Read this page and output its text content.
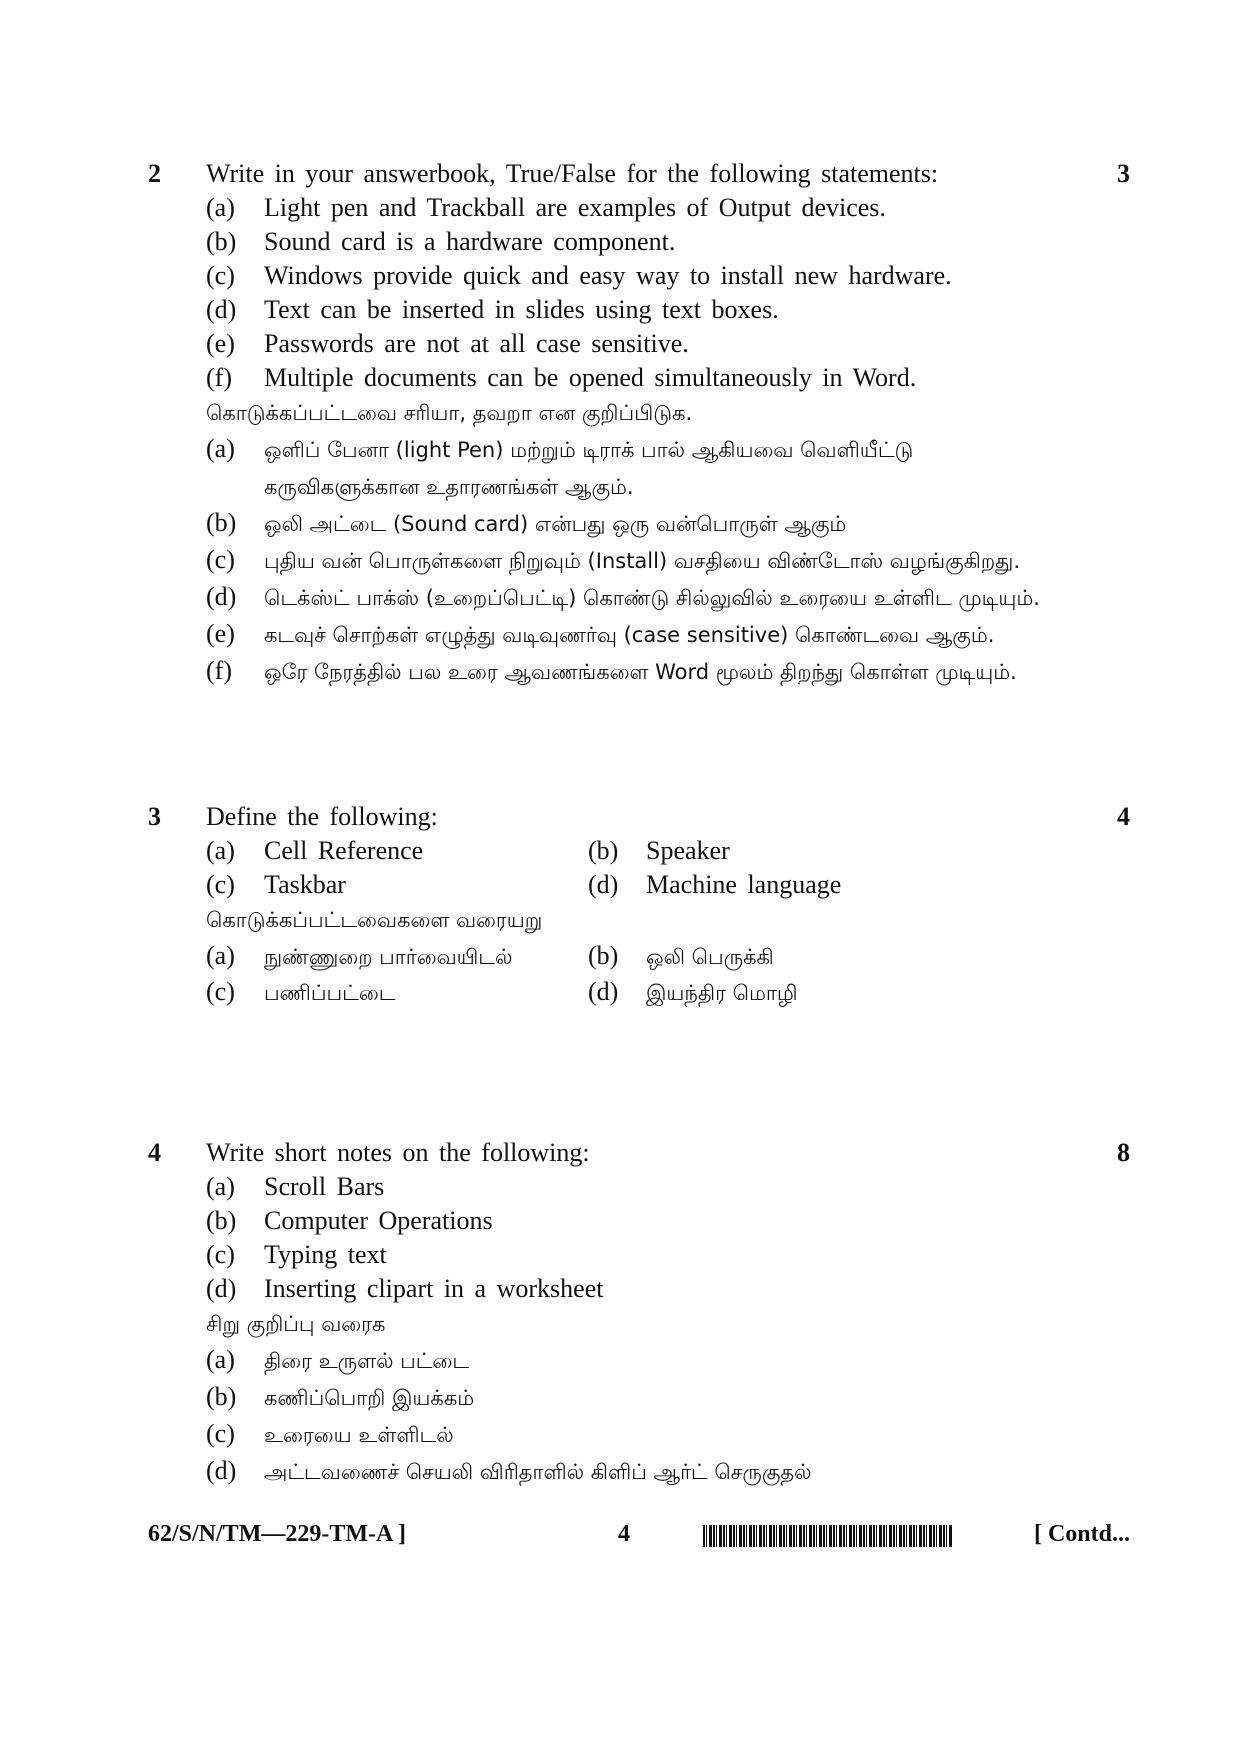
2 Write in your answerbook, True/False for the following statements:	3
(a) Light pen and Trackball are examples of Output devices.
(b) Sound card is a hardware component.
(c) Windows provide quick and easy way to install new hardware.
(d) Text can be inserted in slides using text boxes.
(e) Passwords are not at all case sensitive.
(f) Multiple documents can be opened simultaneously in Word.
கொடுக்கப்பட்டவை சரியா, தவறா என குறிப்பிடுக.
(a) ஒளிப் பேனா (light Pen) மற்றும் டிராக் பால் ஆகியவை வெளியீட்டு கருவிகளுக்கான உதாரணங்கள் ஆகும்.
(b) ஒலி அட்டை (Sound card) என்பது ஒரு வன்பொருள் ஆகும்
(c) புதிய வன் பொருள்களை நிறுவும் (Install) வசதியை விண்டோஸ் வழங்குகிறது.
(d) டெக்ஸ்ட் பாக்ஸ் (உறைப்பெட்டி) கொண்டு சில்லுவில் உரையை உள்ளிட முடியும்.
(e) கடவுச் சொற்கள் எழுத்து வடிவுணர்வு (case sensitive) கொண்டவை ஆகும்.
(f) ஒரே நேரத்தில் பல உரை ஆவணங்களை Word மூலம் திறந்து கொள்ள முடியும்.
3 Define the following:	4
(a) Cell Reference	(b) Speaker
(c) Taskbar	(d) Machine language
கொடுக்கப்பட்டவைகளை வரையறு
(a) நுண்ணுறை பார்வையிடல்	(b) ஒலி பெருக்கி
(c) பணிப்பட்டை	(d) இயந்திர மொழி
4 Write short notes on the following:	8
(a) Scroll Bars
(b) Computer Operations
(c) Typing text
(d) Inserting clipart in a worksheet
சிறு குறிப்பு வரைக
(a) திரை உருளல் பட்டை
(b) கணிப்பொறி இயக்கம்
(c) உரையை உள்ளிடல்
(d) அட்டவணைச் செயலி விரிதாளில் கிளிப் ஆர்ட் செருகுதல்
62/S/N/TM—229-TM-A ]	4	[ Contd...
